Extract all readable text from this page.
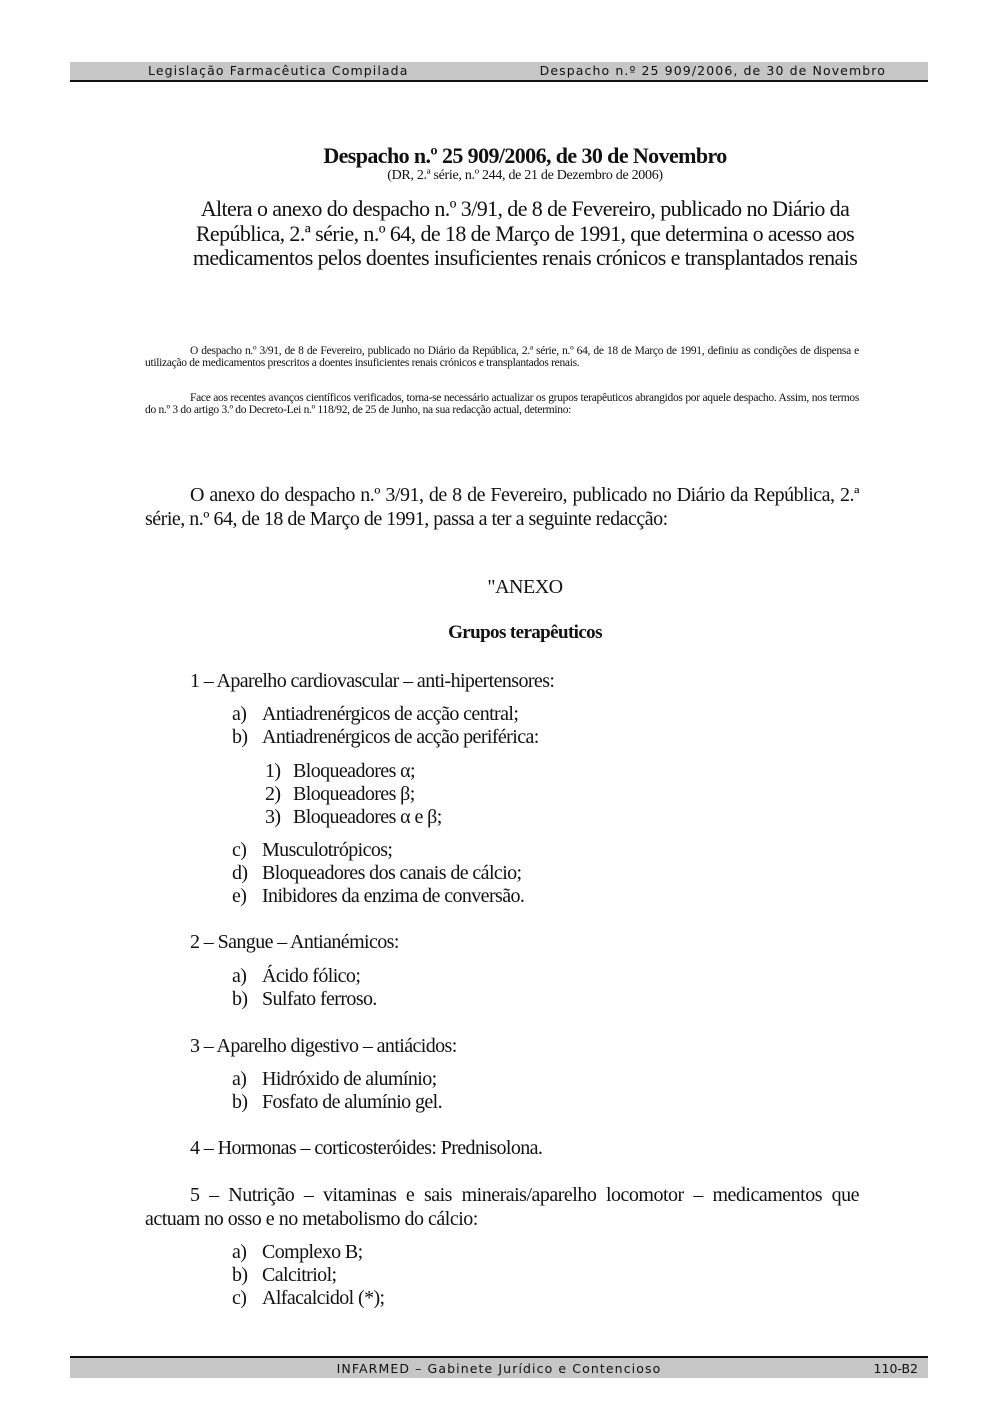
Legislação Farmacêutica Compilada	Despacho n.º 25 909/2006, de 30 de Novembro
Despacho n.º 25 909/2006, de 30 de Novembro
(DR, 2.ª série, n.º 244, de 21 de Dezembro de 2006)
Altera o anexo do despacho n.º 3/91, de 8 de Fevereiro, publicado no Diário da República, 2.ª série, n.º 64, de 18 de Março de 1991, que determina o acesso aos medicamentos pelos doentes insuficientes renais crónicos e transplantados renais
O despacho n.º 3/91, de 8 de Fevereiro, publicado no Diário da República, 2.ª série, n.º 64, de 18 de Março de 1991, definiu as condições de dispensa e utilização de medicamentos prescritos a doentes insuficientes renais crónicos e transplantados renais.
Face aos recentes avanços científicos verificados, torna-se necessário actualizar os grupos terapêuticos abrangidos por aquele despacho. Assim, nos termos do n.º 3 do artigo 3.º do Decreto-Lei n.º 118/92, de 25 de Junho, na sua redacção actual, determino:
O anexo do despacho n.º 3/91, de 8 de Fevereiro, publicado no Diário da República, 2.ª série, n.º 64, de 18 de Março de 1991, passa a ter a seguinte redacção:
"ANEXO
Grupos terapêuticos
1 – Aparelho cardiovascular – anti-hipertensores:
a) Antiadrenérgicos de acção central;
b) Antiadrenérgicos de acção periférica:
1) Bloqueadores α;
2) Bloqueadores β;
3) Bloqueadores α e β;
c) Musculotrópicos;
d) Bloqueadores dos canais de cálcio;
e) Inibidores da enzima de conversão.
2 – Sangue – Antianémicos:
a) Ácido fólico;
b) Sulfato ferroso.
3 – Aparelho digestivo – antiácidos:
a) Hidróxido de alumínio;
b) Fosfato de alumínio gel.
4 – Hormonas – corticosteróides: Prednisolona.
5 – Nutrição – vitaminas e sais minerais/aparelho locomotor – medicamentos que actuam no osso e no metabolismo do cálcio:
a) Complexo B;
b) Calcitriol;
c) Alfacalcidol (*);
INFARMED – Gabinete Jurídico e Contencioso	110-B2
